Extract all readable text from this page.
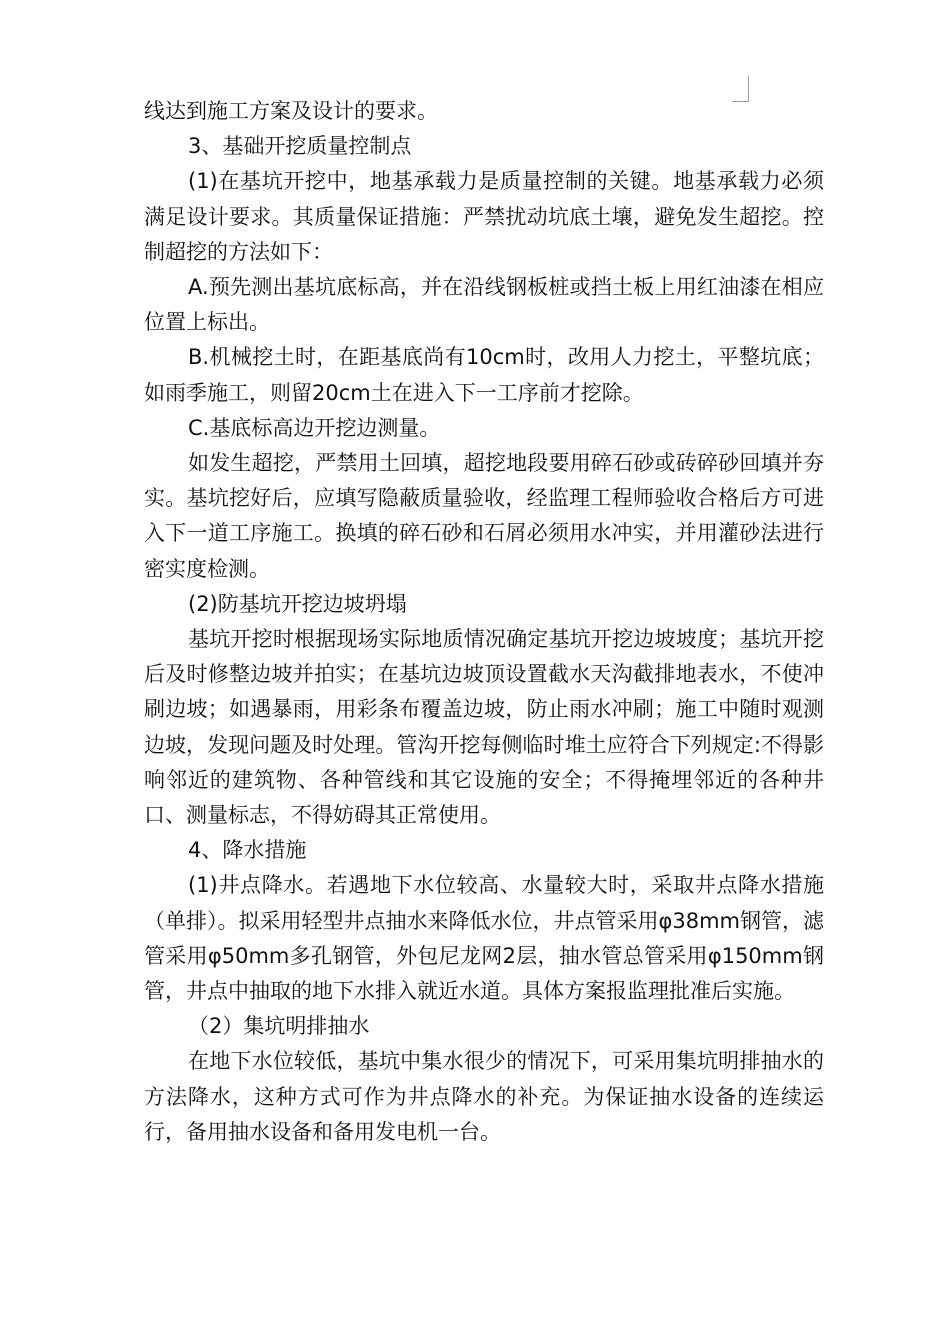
线达到施工方案及设计的要求。

3、基础开挖质量控制点

(1)在基坑开挖中，地基承载力是质量控制的关键。地基承载力必须满足设计要求。其质量保证措施：严禁扰动坑底土壤，避免发生超挖。控制超挖的方法如下：

A.预先测出基坑底标高，并在沿线钢板桩或挡土板上用红油漆在相应位置上标出。

B.机械挖土时，在距基底尚有10cm时，改用人力挖土，平整坑底；如雨季施工，则留20cm土在进入下一工序前才挖除。

C.基底标高边开挖边测量。

如发生超挖，严禁用土回填，超挖地段要用碎石砂或砖碎砂回填并夯实。基坑挖好后，应填写隐蔽质量验收，经监理工程师验收合格后方可进入下一道工序施工。换填的碎石砂和石屑必须用水冲实，并用灌砂法进行密实度检测。

(2)防基坑开挖边坡坍塌

基坑开挖时根据现场实际地质情况确定基坑开挖边坡坡度；基坑开挖后及时修整边坡并拍实；在基坑边坡顶设置截水天沟截排地表水，不使冲刷边坡；如遇暴雨，用彩条布覆盖边坡，防止雨水冲刷；施工中随时观测边坡，发现问题及时处理。管沟开挖每侧临时堆土应符合下列规定:不得影响邻近的建筑物、各种管线和其它设施的安全；不得掩埋邻近的各种井口、测量标志，不得妨碍其正常使用。

4、降水措施

(1)井点降水。若遇地下水位较高、水量较大时，采取井点降水措施（单排）。拟采用轻型井点抽水来降低水位，井点管采用φ38mm钢管，滤管采用φ50mm多孔钢管，外包尼龙网2层，抽水管总管采用φ150mm钢管，井点中抽取的地下水排入就近水道。具体方案报监理批准后实施。

（2）集坑明排抽水

在地下水位较低，基坑中集水很少的情况下，可采用集坑明排抽水的方法降水，这种方式可作为井点降水的补充。为保证抽水设备的连续运行，备用抽水设备和备用发电机一台。
